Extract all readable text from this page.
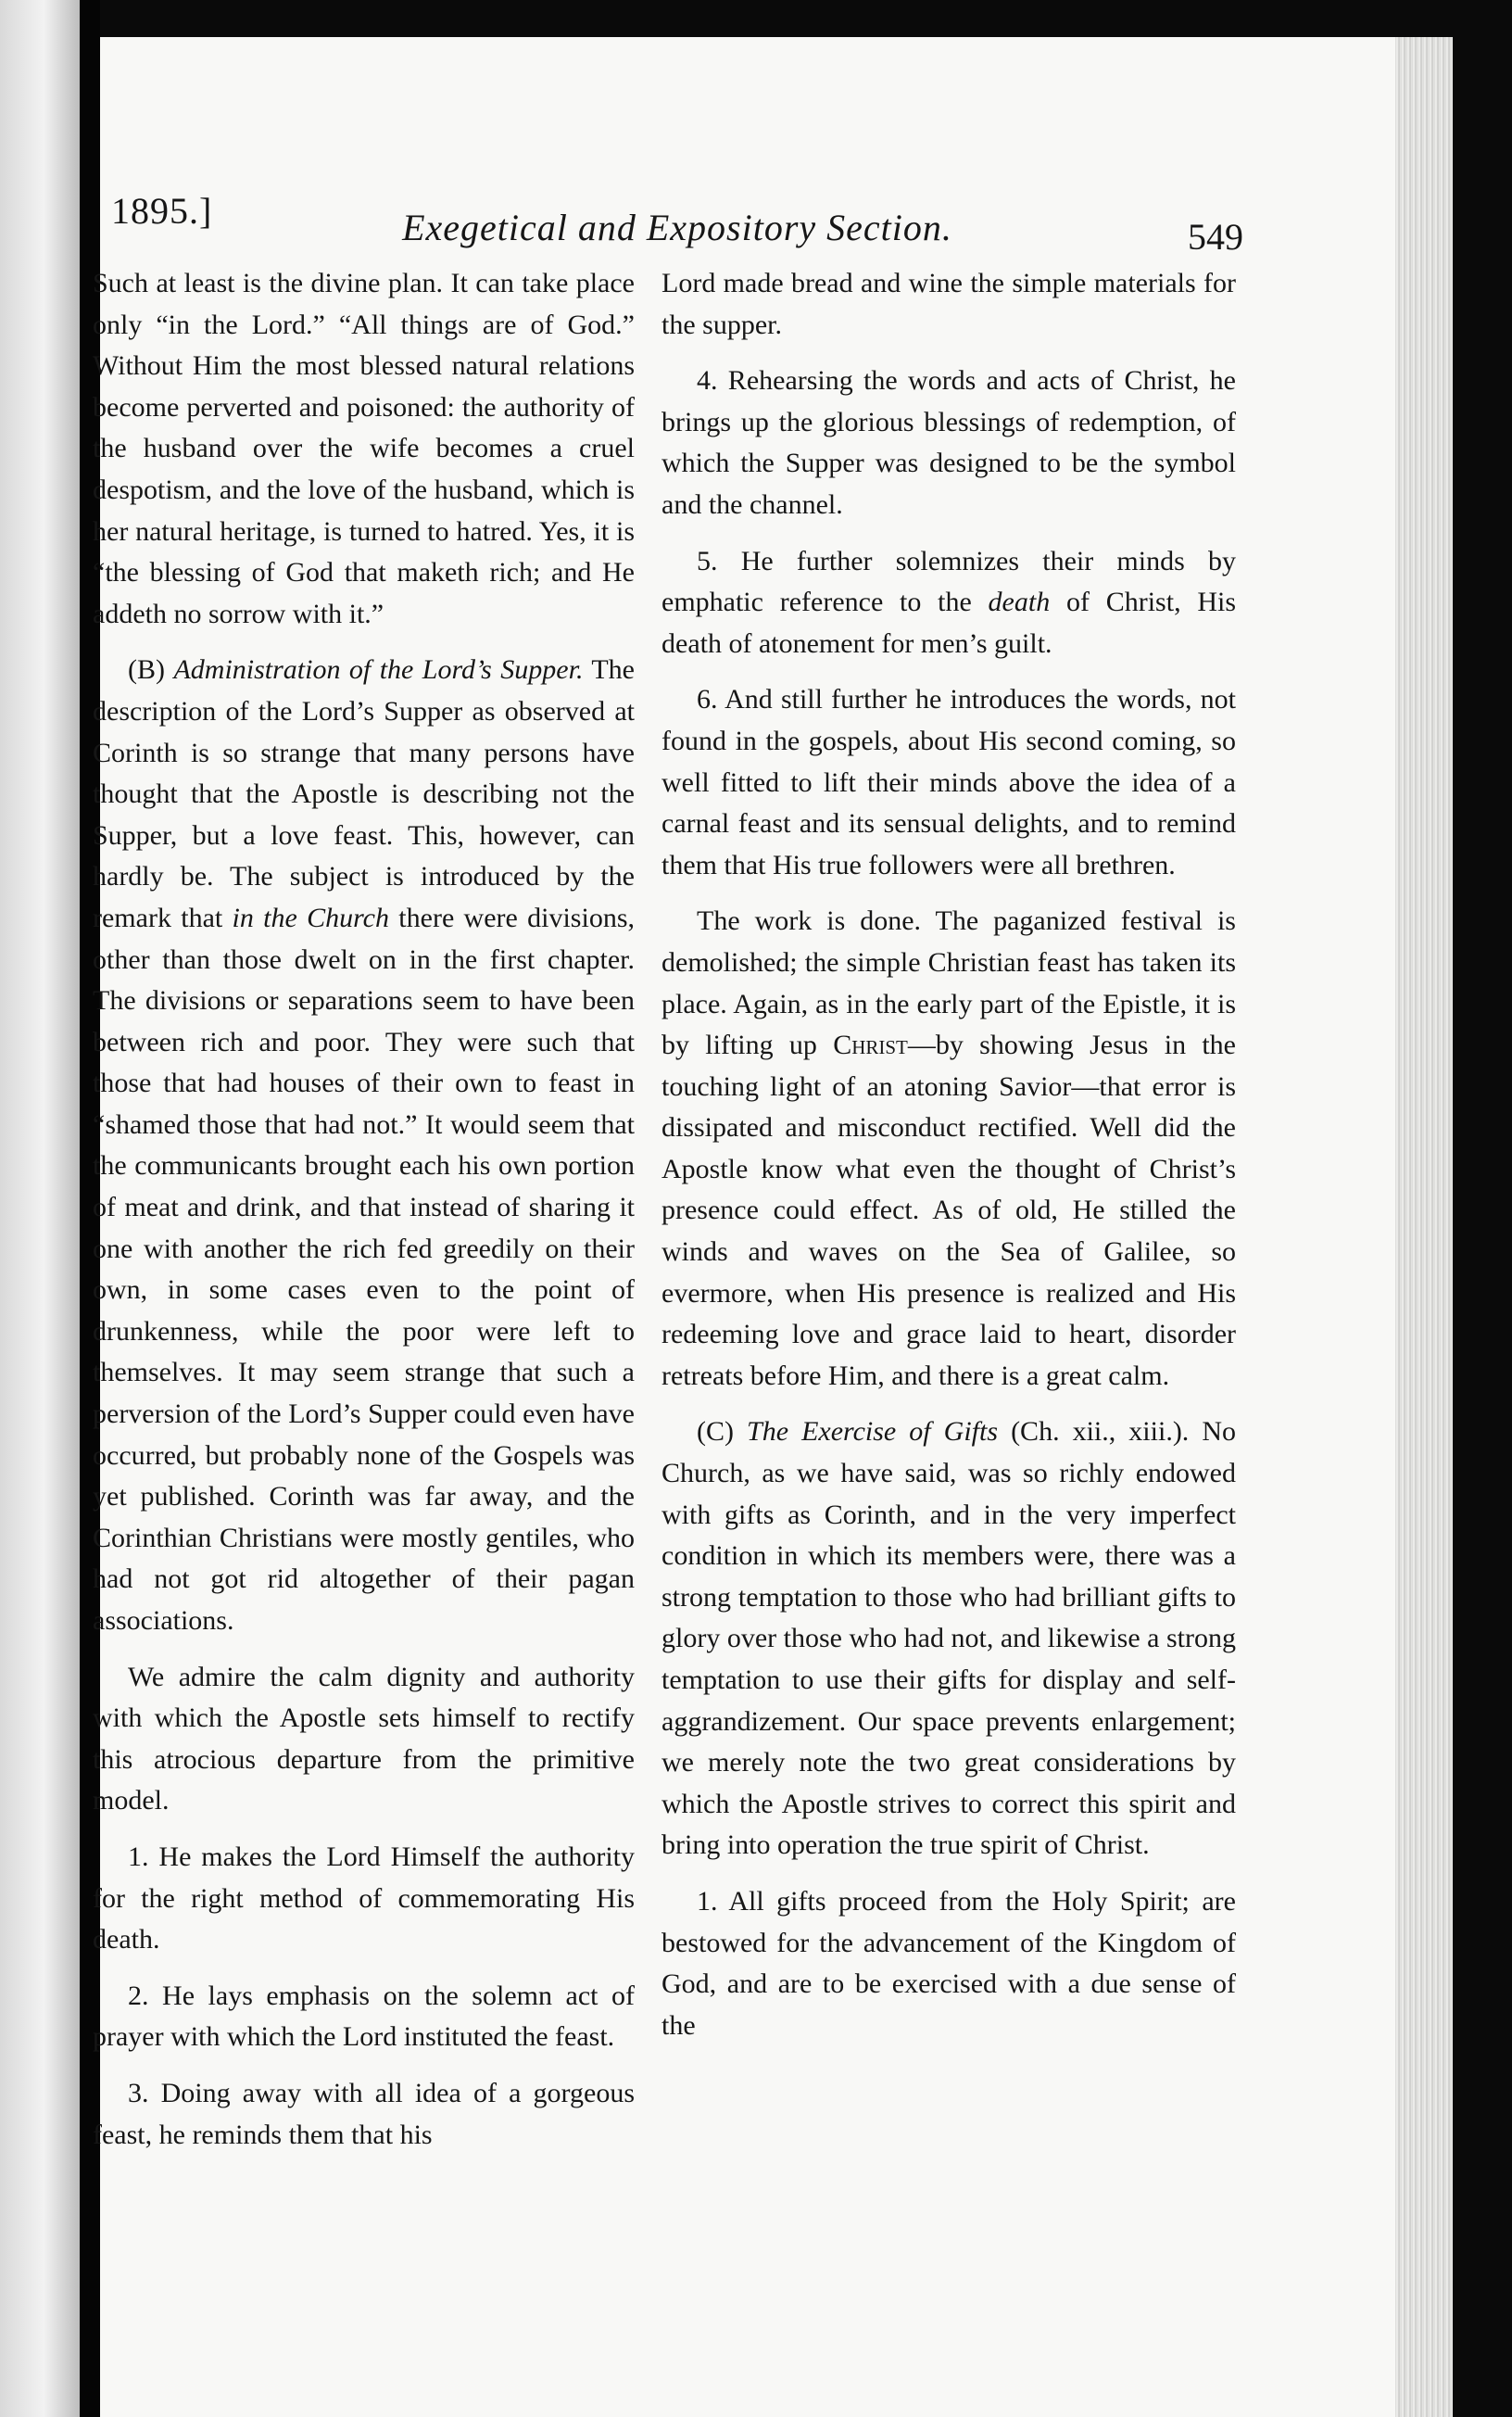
1895.]	Exegetical and Expository Section.	549

Such at least is the divine plan. It can take place only “in the Lord.” “All things are of God.” Without Him the most blessed natural relations become perverted and poisoned: the authority of the husband over the wife becomes a cruel despotism, and the love of the husband, which is her natural heritage, is turned to hatred. Yes, it is “the blessing of God that maketh rich; and He addeth no sorrow with it.”

(B) Administration of the Lord’s Supper. The description of the Lord’s Supper as observed at Corinth is so strange that many persons have thought that the Apostle is describing not the Supper, but a love feast. This, however, can hardly be. The subject is introduced by the remark that in the Church there were divisions, other than those dwelt on in the first chapter. The divisions or separations seem to have been between rich and poor. They were such that those that had houses of their own to feast in “shamed those that had not.” It would seem that the communicants brought each his own portion of meat and drink, and that instead of sharing it one with another the rich fed greedily on their own, in some cases even to the point of drunkenness, while the poor were left to themselves. It may seem strange that such a perversion of the Lord’s Supper could even have occurred, but probably none of the Gospels was yet published. Corinth was far away, and the Corinthian Christians were mostly gentiles, who had not got rid altogether of their pagan associations.

We admire the calm dignity and authority with which the Apostle sets himself to rectify this atrocious departure from the primitive model.

1. He makes the Lord Himself the authority for the right method of commemorating His death.

2. He lays emphasis on the solemn act of prayer with which the Lord instituted the feast.

3. Doing away with all idea of a gorgeous feast, he reminds them that his

Lord made bread and wine the simple materials for the supper.

4. Rehearsing the words and acts of Christ, he brings up the glorious blessings of redemption, of which the Supper was designed to be the symbol and the channel.

5. He further solemnizes their minds by emphatic reference to the death of Christ, His death of atonement for men’s guilt.

6. And still further he introduces the words, not found in the gospels, about His second coming, so well fitted to lift their minds above the idea of a carnal feast and its sensual delights, and to remind them that His true followers were all brethren.

The work is done. The paganized festival is demolished; the simple Christian feast has taken its place. Again, as in the early part of the Epistle, it is by lifting up Christ—by showing Jesus in the touching light of an atoning Savior—that error is dissipated and misconduct rectified. Well did the Apostle know what even the thought of Christ’s presence could effect. As of old, He stilled the winds and waves on the Sea of Galilee, so evermore, when His presence is realized and His redeeming love and grace laid to heart, disorder retreats before Him, and there is a great calm.

(C) The Exercise of Gifts (Ch. xii., xiii.). No Church, as we have said, was so richly endowed with gifts as Corinth, and in the very imperfect condition in which its members were, there was a strong temptation to those who had brilliant gifts to glory over those who had not, and likewise a strong temptation to use their gifts for display and self-aggrandizement. Our space prevents enlargement; we merely note the two great considerations by which the Apostle strives to correct this spirit and bring into operation the true spirit of Christ.

1. All gifts proceed from the Holy Spirit; are bestowed for the advancement of the Kingdom of God, and are to be exercised with a due sense of the
